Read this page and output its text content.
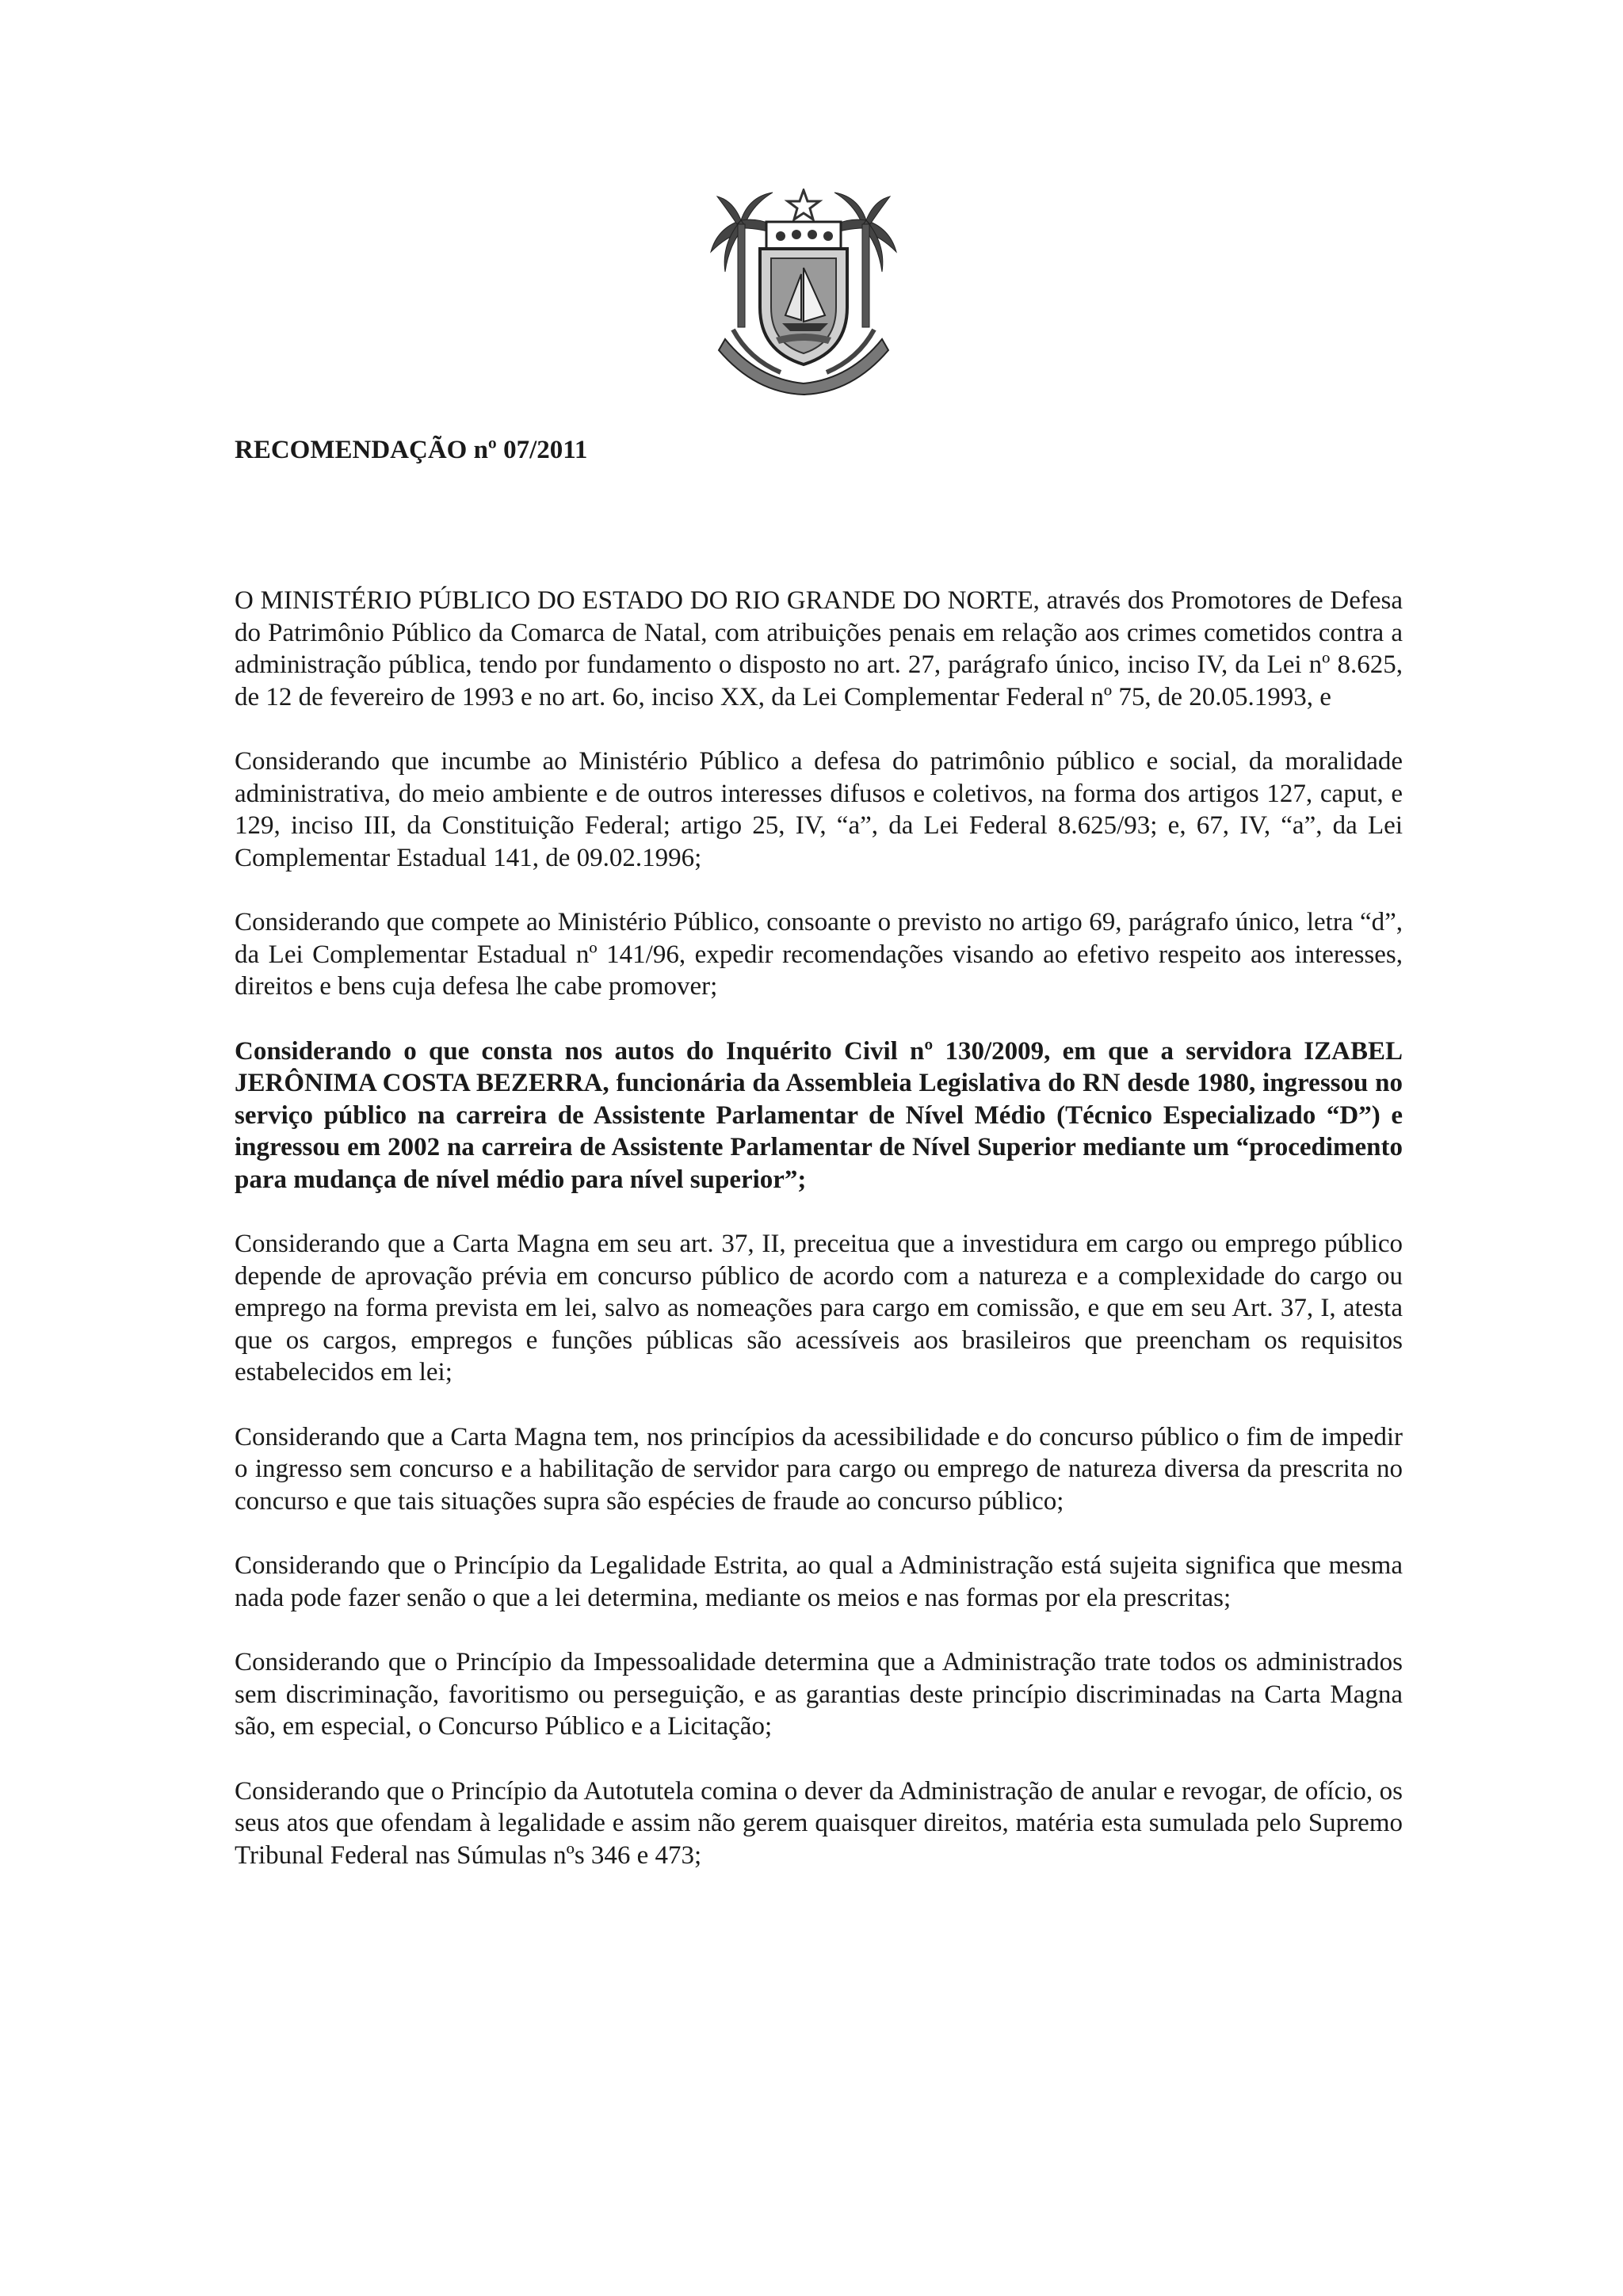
RECOMENDAÇÃO nº 07/2011

O MINISTÉRIO PÚBLICO DO ESTADO DO RIO GRANDE DO NORTE, através dos Promotores de Defesa do Patrimônio Público da Comarca de Natal, com atribuições penais em relação aos crimes cometidos contra a administração pública, tendo por fundamento o disposto no art. 27, parágrafo único, inciso IV, da Lei nº 8.625, de 12 de fevereiro de 1993 e no art. 6o, inciso XX, da Lei Complementar Federal nº 75, de 20.05.1993, e

Considerando que incumbe ao Ministério Público a defesa do patrimônio público e social, da moralidade administrativa, do meio ambiente e de outros interesses difusos e coletivos, na forma dos artigos 127, caput, e 129, inciso III, da Constituição Federal; artigo 25, IV, “a”, da Lei Federal 8.625/93; e, 67, IV, “a”, da Lei Complementar Estadual 141, de 09.02.1996;

Considerando que compete ao Ministério Público, consoante o previsto no artigo 69, parágrafo único, letra “d”, da Lei Complementar Estadual nº 141/96, expedir recomendações visando ao efetivo respeito aos interesses, direitos e bens cuja defesa lhe cabe promover;

Considerando o que consta nos autos do Inquérito Civil nº 130/2009, em que a servidora IZABEL JERÔNIMA COSTA BEZERRA, funcionária da Assembleia Legislativa do RN desde 1980, ingressou no serviço público na carreira de Assistente Parlamentar de Nível Médio (Técnico Especializado “D”) e ingressou em 2002 na carreira de Assistente Parlamentar de Nível Superior mediante um “procedimento para mudança de nível médio para nível superior”;

Considerando que a Carta Magna em seu art. 37, II, preceitua que a investidura em cargo ou emprego público depende de aprovação prévia em concurso público de acordo com a natureza e a complexidade do cargo ou emprego na forma prevista em lei, salvo as nomeações para cargo em comissão, e que em seu Art. 37, I, atesta que os cargos, empregos e funções públicas são acessíveis aos brasileiros que preencham os requisitos estabelecidos em lei;

Considerando que a Carta Magna tem, nos princípios da acessibilidade e do concurso público o fim de impedir o ingresso sem concurso e a habilitação de servidor para cargo ou emprego de natureza diversa da prescrita no concurso e que tais situações supra são espécies de fraude ao concurso público;

Considerando que o Princípio da Legalidade Estrita, ao qual a Administração está sujeita significa que mesma nada pode fazer senão o que a lei determina, mediante os meios e nas formas por ela prescritas;

Considerando que o Princípio da Impessoalidade determina que a Administração trate todos os administrados sem discriminação, favoritismo ou perseguição, e as garantias deste princípio discriminadas na Carta Magna são, em especial, o Concurso Público e a Licitação;

Considerando que o Princípio da Autotutela comina o dever da Administração de anular e revogar, de ofício, os seus atos que ofendam à legalidade e assim não gerem quaisquer direitos, matéria esta sumulada pelo Supremo Tribunal Federal nas Súmulas nºs 346 e 473;
